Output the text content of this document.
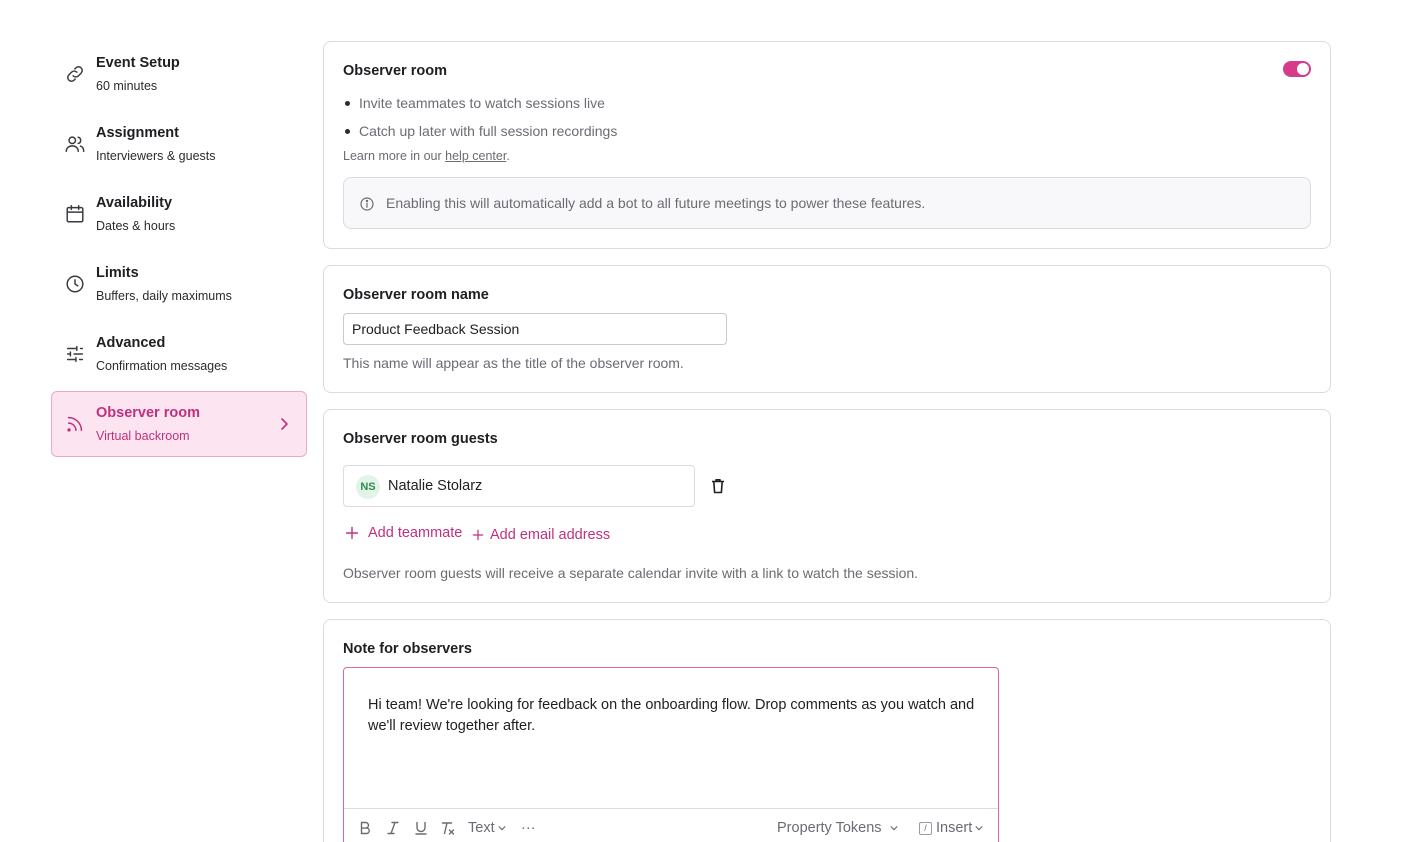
Event Setup
60 minutes
Assignment
Interviewers & guests
Availability
Dates & hours
Limits
Buffers, daily maximums
Advanced
Confirmation messages
Observer room
Virtual backroom
Observer room
Invite teammates to watch sessions live
Catch up later with full session recordings

Learn more in our help center.

Enabling this will automatically add a bot to all future meetings to power these features.
Observer room name
Product Feedback Session

This name will appear as the title of the observer room.

Observer room guests
NS Natalie Stolarz
Add teammate Add email address

Observer room guests will receive a separate calendar invite with a link to watch the session.

Note for observers

Hi team! We're looking for feedback on the onboarding flow. Drop comments as you watch and we'll review together after.

Text ···	Property Tokens	/ Insert
